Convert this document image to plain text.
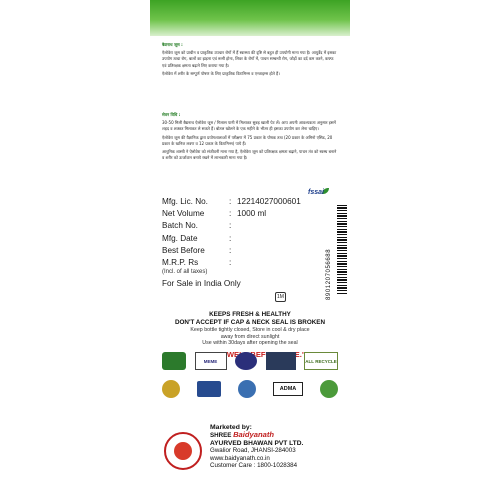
बैद्यनाथ जूस :

ऐलोवेरा जूस को प्राचीन व प्राकृतिक उपचार रोगों में हैं स्वास्थ्य की दृष्टि से बहुत ही उपयोगी माना गया है। आयुर्वेद में इसका उपयोग त्वचा रोग, बालों का झड़ना एवं रूसी होना, लिवर के रोगों में, पाचन सम्बन्धी रोग, जोड़ों का दर्द कम करने, कफ्फ एवं प्रतिरक्षक क्षमता बढ़ाने लिए कराया गया है।

ऐलोवेरा में शरीर के सम्पूर्ण पोषण के लिए प्राकृतिक विटामिन्स व एन्जाइम्स होते हैं।

सेवन विधि :

30-50 मिली बैद्यनाथ ऐलोवेरा जूस / गिलास पानी में मिलाकर सुबह खाली पेट लें। आप अपनी आवश्यकता अनुसार इसमें शहद व शक्कर मिलाकर ले सकते हैं। बोतल खोलने के एक महीने के भीतर ही इसका उपयोग कर लेना चाहिए।

ऐलोवेरा जूस की वैज्ञानिक द्वारा प्रयोगशालाओं में परीक्षण में 75 प्रकार के पोषक तत्व (20 प्रकार के अमिनो एसिड, 20 प्रकार के खनिज लवण व 12 प्रकार के विटामिन्स) पाये हैं।

आधुनिक शास्त्री ने ऐलोवेरा को संजीवनी माना गया है, ऐलोवेरा जूस को प्रतिरक्षक क्षमता बढ़ाने, पाचन तंत्र को स्वस्थ बनाने व शरीर को ऊर्जावान बनाये रखने में लाभकारी माना गया है।

fssai
Mfg. Lic. No.	: 12214027000601
Net Volume	: 1000 ml
Batch No.	:
Mfg. Date	:
Best Before	:
M.R.P. Rs	:
(Incl. of all taxes)
For Sale in India Only	8901207056688
1M
KEEPS FRESH & HEALTHY
DON'T ACCEPT IF CAP & NECK SEAL IS BROKEN
Keep bottle tightly closed, Store in cool & dry place
away from direct sunlight
Use within 30days after opening the seal
MEME	ALL RECYCLE
ADMA
Marketed by:
SHREE Baidyanath
AYURVED BHAWAN PVT LTD.
Gwalior Road, JHANSI-284003
www.baidyanath.co.in
Customer Care : 1800-1028384
